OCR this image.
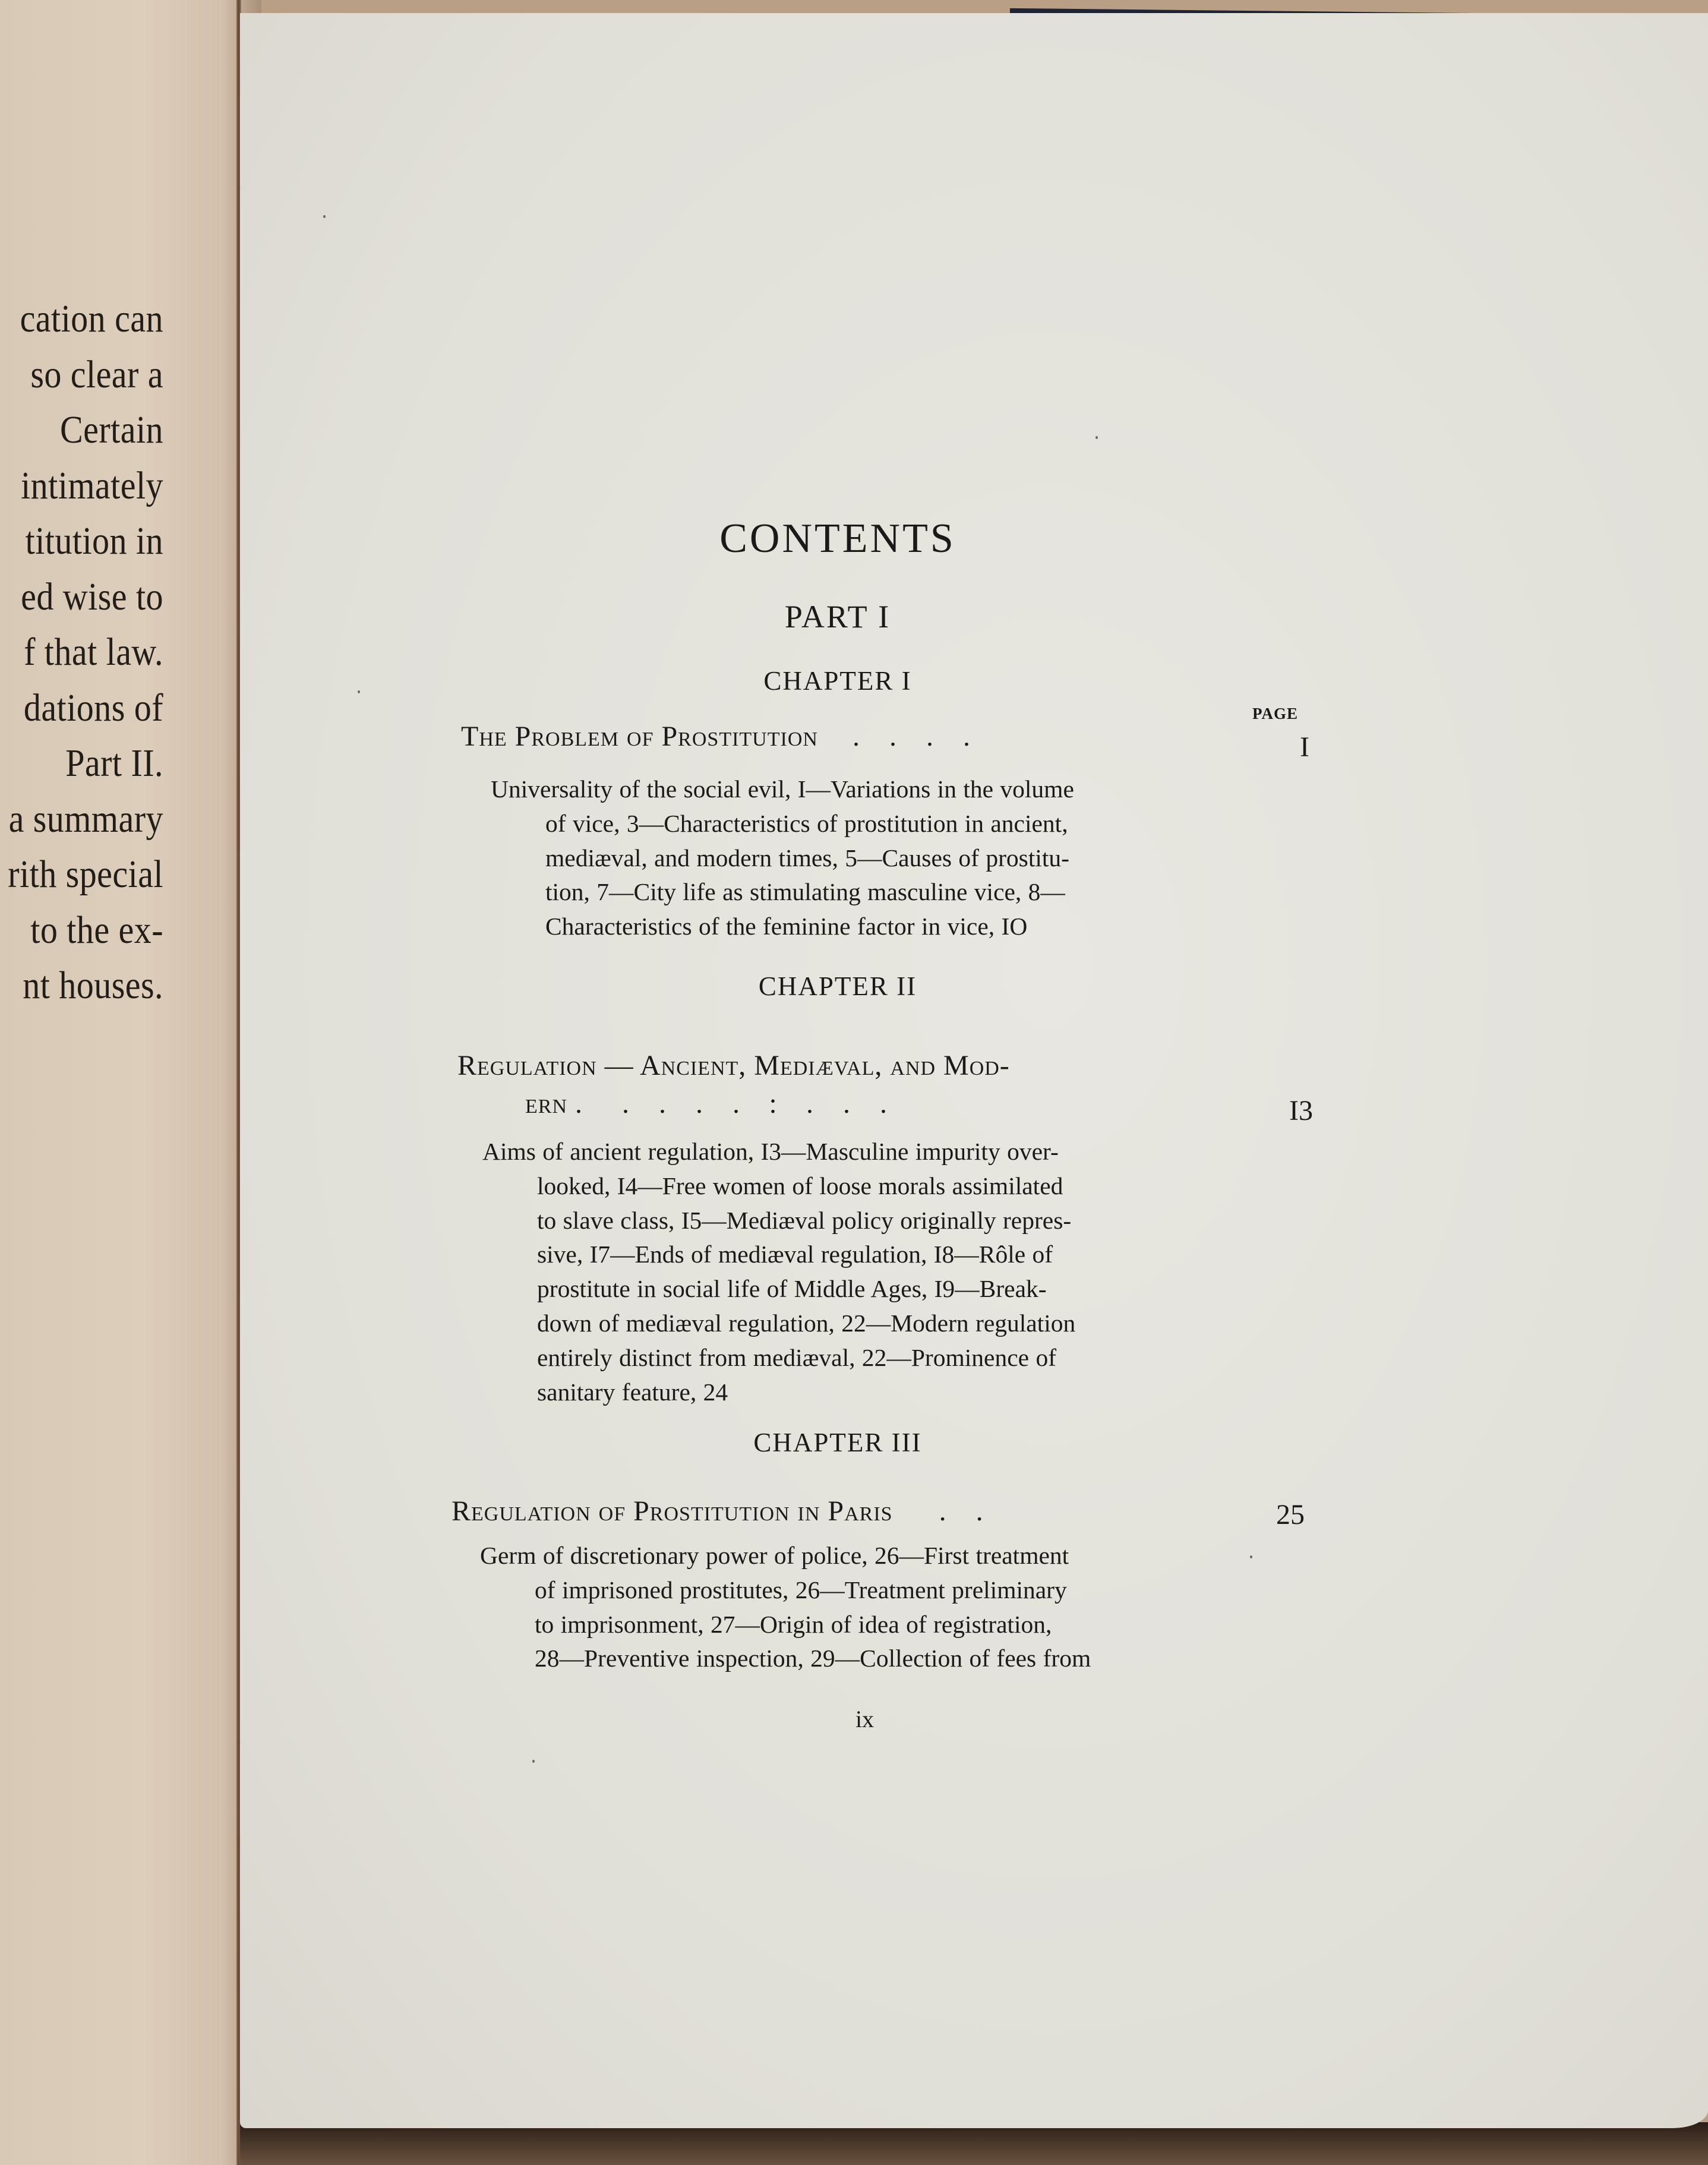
cation can
so clear a
Certain
intimately
titution in
ed wise to
f that law.
dations of
Part II.
a summary
rith special
to the ex-
nt houses.
CONTENTS
PART I
CHAPTER I
PAGE
The Problem of Prostitution . . . .	I
Universality of the social evil, I—Variations in the volume
of vice, 3—Characteristics of prostitution in ancient,
mediæval, and modern times, 5—Causes of prostitu-
tion, 7—City life as stimulating masculine vice, 8—
Characteristics of the feminine factor in vice, IO
CHAPTER II
Regulation — Ancient, Mediæval, and Mod-
ern . . . . . : . . .	I3
Aims of ancient regulation, I3—Masculine impurity over-
looked, I4—Free women of loose morals assimilated
to slave class, I5—Mediæval policy originally repres-
sive, I7—Ends of mediæval regulation, I8—Rôle of
prostitute in social life of Middle Ages, I9—Break-
down of mediæval regulation, 22—Modern regulation
entirely distinct from mediæval, 22—Prominence of
sanitary feature, 24
CHAPTER III
Regulation of Prostitution in Paris . .	25
Germ of discretionary power of police, 26—First treatment
of imprisoned prostitutes, 26—Treatment preliminary
to imprisonment, 27—Origin of idea of registration,
28—Preventive inspection, 29—Collection of fees from
ix
